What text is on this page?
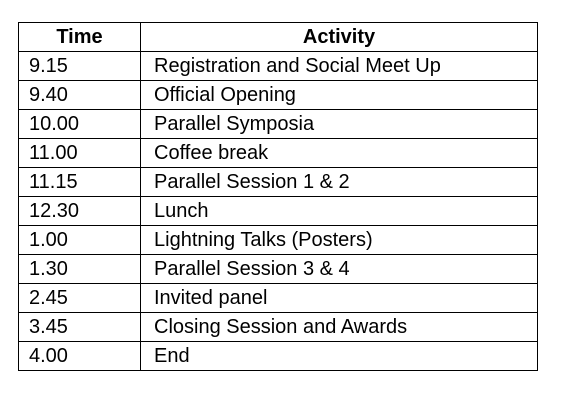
Time	Activity
9.15	Registration and Social Meet Up
9.40	Official Opening
10.00	Parallel Symposia
11.00	Coffee break
11.15	Parallel Session 1 & 2
12.30	Lunch
1.00	Lightning Talks (Posters)
1.30	Parallel Session 3 & 4
2.45	Invited panel
3.45	Closing Session and Awards
4.00	End
